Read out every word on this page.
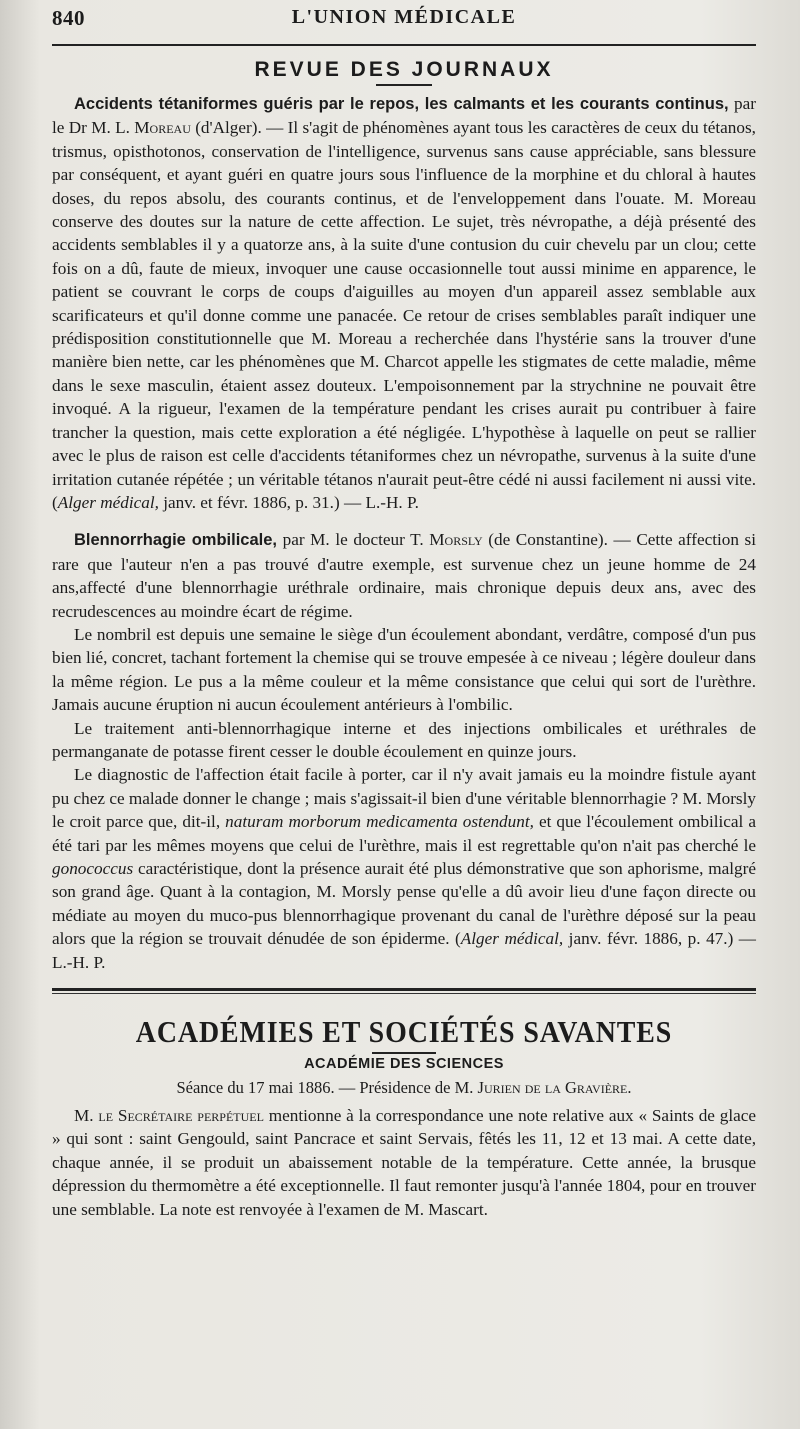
840	L'UNION MÉDICALE
REVUE DES JOURNAUX

Accidents tétaniformes guéris par le repos, les calmants et les courants continus, par le Dr M. L. Moreau (d'Alger). — Il s'agit de phénomènes ayant tous les caractères de ceux du tétanos, trismus, opisthotonos, conservation de l'intelligence, survenus sans cause appréciable, sans blessure par conséquent, et ayant guéri en quatre jours sous l'influence de la morphine et du chloral à hautes doses, du repos absolu, des courants continus, et de l'enveloppement dans l'ouate. M. Moreau conserve des doutes sur la nature de cette affection. Le sujet, très névropathe, a déjà présenté des accidents semblables il y a quatorze ans, à la suite d'une contusion du cuir chevelu par un clou; cette fois on a dû, faute de mieux, invoquer une cause occasionnelle tout aussi minime en apparence, le patient se couvrant le corps de coups d'aiguilles au moyen d'un appareil assez semblable aux scarificateurs et qu'il donne comme une panacée. Ce retour de crises semblables paraît indiquer une prédisposition constitutionnelle que M. Moreau a recherchée dans l'hystérie sans la trouver d'une manière bien nette, car les phénomènes que M. Charcot appelle les stigmates de cette maladie, même dans le sexe masculin, étaient assez douteux. L'empoisonnement par la strychnine ne pouvait être invoqué. A la rigueur, l'examen de la température pendant les crises aurait pu contribuer à faire trancher la question, mais cette exploration a été négligée. L'hypothèse à laquelle on peut se rallier avec le plus de raison est celle d'accidents tétaniformes chez un névropathe, survenus à la suite d'une irritation cutanée répétée ; un véritable tétanos n'aurait peut-être cédé ni aussi facilement ni aussi vite. (Alger médical, janv. et févr. 1886, p. 31.) — L.-H. P.

Blennorrhagie ombilicale, par M. le docteur T. Morsly (de Constantine). — Cette affection si rare que l'auteur n'en a pas trouvé d'autre exemple, est survenue chez un jeune homme de 24 ans,affecté d'une blennorrhagie uréthrale ordinaire, mais chronique depuis deux ans, avec des recrudescences au moindre écart de régime.

Le nombril est depuis une semaine le siège d'un écoulement abondant, verdâtre, composé d'un pus bien lié, concret, tachant fortement la chemise qui se trouve empesée à ce niveau ; légère douleur dans la même région. Le pus a la même couleur et la même consistance que celui qui sort de l'urèthre. Jamais aucune éruption ni aucun écoulement antérieurs à l'ombilic.

Le traitement anti-blennorrhagique interne et des injections ombilicales et uréthrales de permanganate de potasse firent cesser le double écoulement en quinze jours.

Le diagnostic de l'affection était facile à porter, car il n'y avait jamais eu la moindre fistule ayant pu chez ce malade donner le change ; mais s'agissait-il bien d'une véritable blennorrhagie ? M. Morsly le croit parce que, dit-il, naturam morborum medicamenta ostendunt, et que l'écoulement ombilical a été tari par les mêmes moyens que celui de l'urèthre, mais il est regrettable qu'on n'ait pas cherché le gonococcus caractéristique, dont la présence aurait été plus démonstrative que son aphorisme, malgré son grand âge. Quant à la contagion, M. Morsly pense qu'elle a dû avoir lieu d'une façon directe ou médiate au moyen du muco-pus blennorrhagique provenant du canal de l'urèthre déposé sur la peau alors que la région se trouvait dénudée de son épiderme. (Alger médical, janv. févr. 1886, p. 47.) — L.-H. P.

ACADÉMIES ET SOCIÉTÉS SAVANTES
ACADÉMIE DES SCIENCES
Séance du 17 mai 1886. — Présidence de M. Jurien de la Gravière.

M. le Secrétaire perpétuel mentionne à la correspondance une note relative aux « Saints de glace » qui sont : saint Gengould, saint Pancrace et saint Servais, fêtés les 11, 12 et 13 mai. A cette date, chaque année, il se produit un abaissement notable de la température. Cette année, la brusque dépression du thermomètre a été exceptionnelle. Il faut remonter jusqu'à l'année 1804, pour en trouver une semblable. La note est renvoyée à l'examen de M. Mascart.
